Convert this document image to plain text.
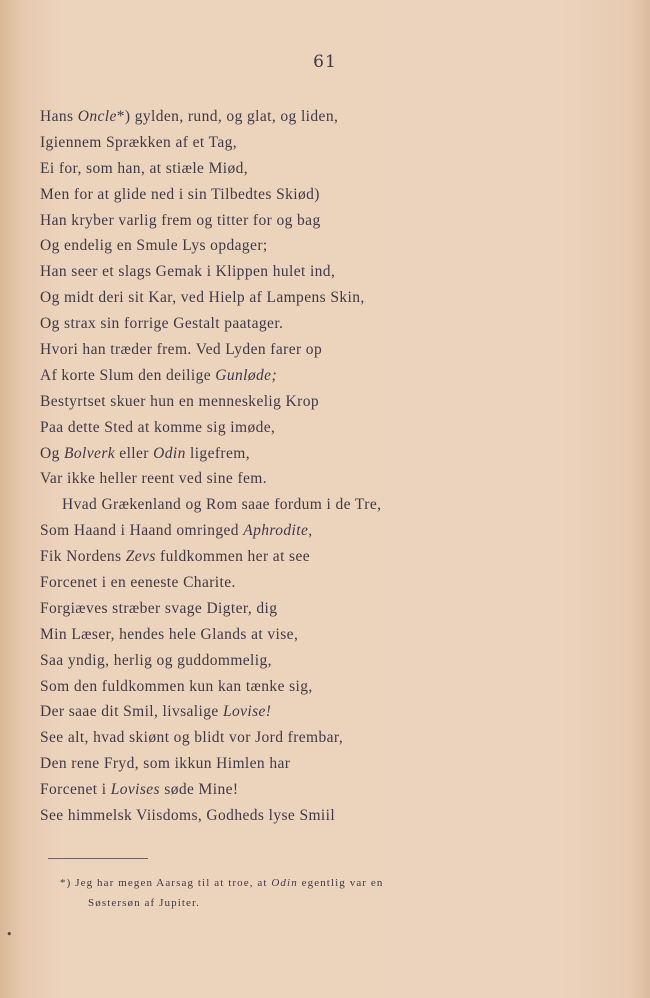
61
Hans Oncle*) gylden, rund, og glat, og liden,
Igiennem Sprækken af et Tag,
Ei for, som han, at stiæle Miød,
Men for at glide ned i sin Tilbedtes Skiød)
Han kryber varlig frem og titter for og bag
Og endelig en Smule Lys opdager;
Han seer et slags Gemak i Klippen hulet ind,
Og midt deri sit Kar, ved Hielp af Lampens Skin,
Og strax sin forrige Gestalt paatager.
Hvori han træder frem. Ved Lyden farer op
Af korte Slum den deilige Gunløde;
Bestyrtset skuer hun en menneskelig Krop
Paa dette Sted at komme sig imøde,
Og Bolverk eller Odin ligefrem,
Var ikke heller reent ved sine fem.
Hvad Grækenland og Rom saae fordum i de Tre,
Som Haand i Haand omringed Aphrodite,
Fik Nordens Zevs fuldkommen her at see
Forcenet i en eeneste Charite.
Forgiæves stræber svage Digter, dig
Min Læser, hendes hele Glands at vise,
Saa yndig, herlig og guddommelig,
Som den fuldkommen kun kan tænke sig,
Der saae dit Smil, livsalige Lovise!
See alt, hvad skiønt og blidt vor Jord frembar,
Den rene Fryd, som ikkun Himlen har
Forcenet i Lovises søde Mine!
See himmelsk Viisdoms, Godheds lyse Smiil
*) Jeg har megen Aarsag til at troe, at Odin egentlig var en
Søstersøn af Jupiter.
•
